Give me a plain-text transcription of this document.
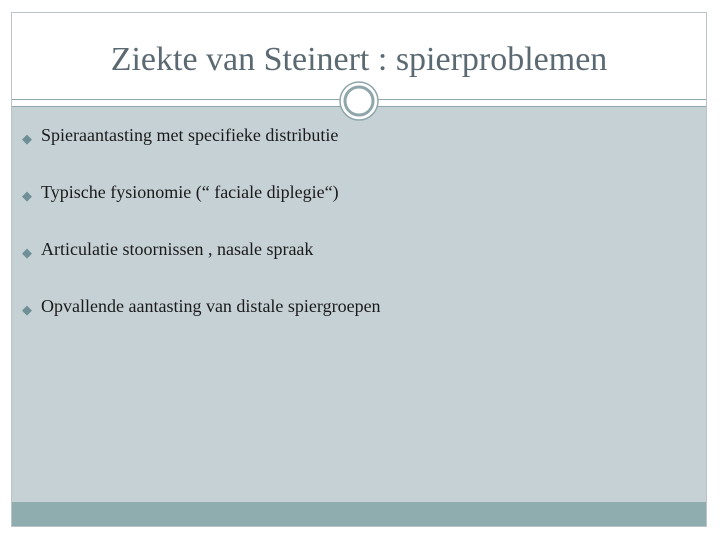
Ziekte van Steinert : spierproblemen
◆ Spieraantasting met specifieke distributie
◆ Typische fysionomie (“ faciale diplegie“)
◆ Articulatie stoornissen , nasale spraak
◆ Opvallende aantasting van distale spiergroepen
